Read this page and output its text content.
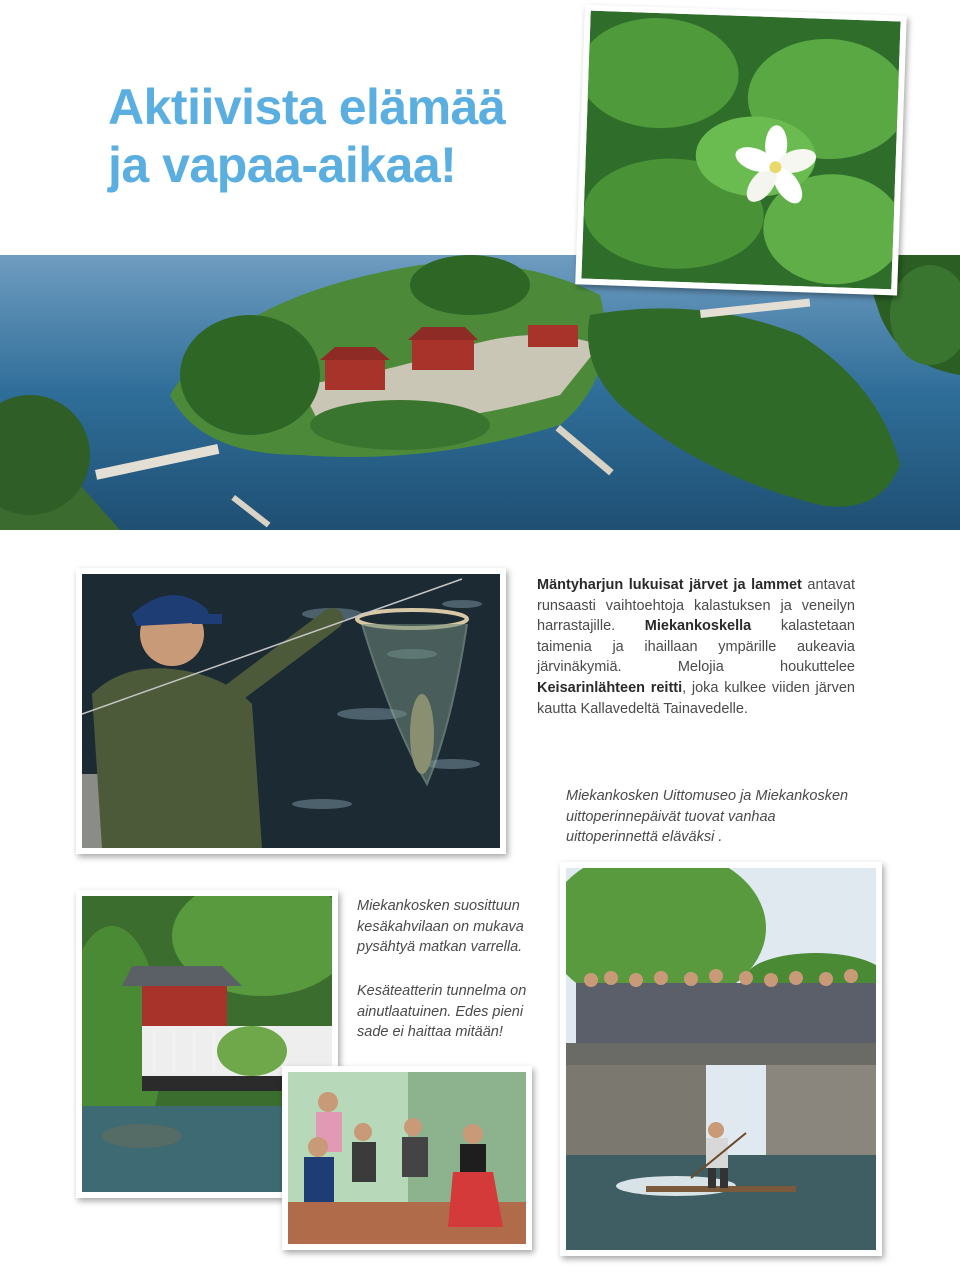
Aktiivista elämää
ja vapaa-aikaa!
Mäntyharjun lukuisat järvet ja lammet antavat runsaasti vaihtoehtoja kalastuksen ja veneilyn harrastajille. Miekankoskella kalastetaan taimenia ja ihaillaan ympärille aukeavia järvinäkymiä. Melojia houkuttelee Keisarinlähteen reitti, joka kulkee viiden järven kautta Kallavedeltä Tainavedelle.
Miekankosken Uittomuseo ja Miekankosken uittoperinnepäivät tuovat vanhaa uittoperinnettä eläväksi .
Miekankosken suosittuun kesäkahvilaan on mukava pysähtyä matkan varrella.
Kesäteatterin tunnelma on ainutlaatuinen. Edes pieni sade ei haittaa mitään!
